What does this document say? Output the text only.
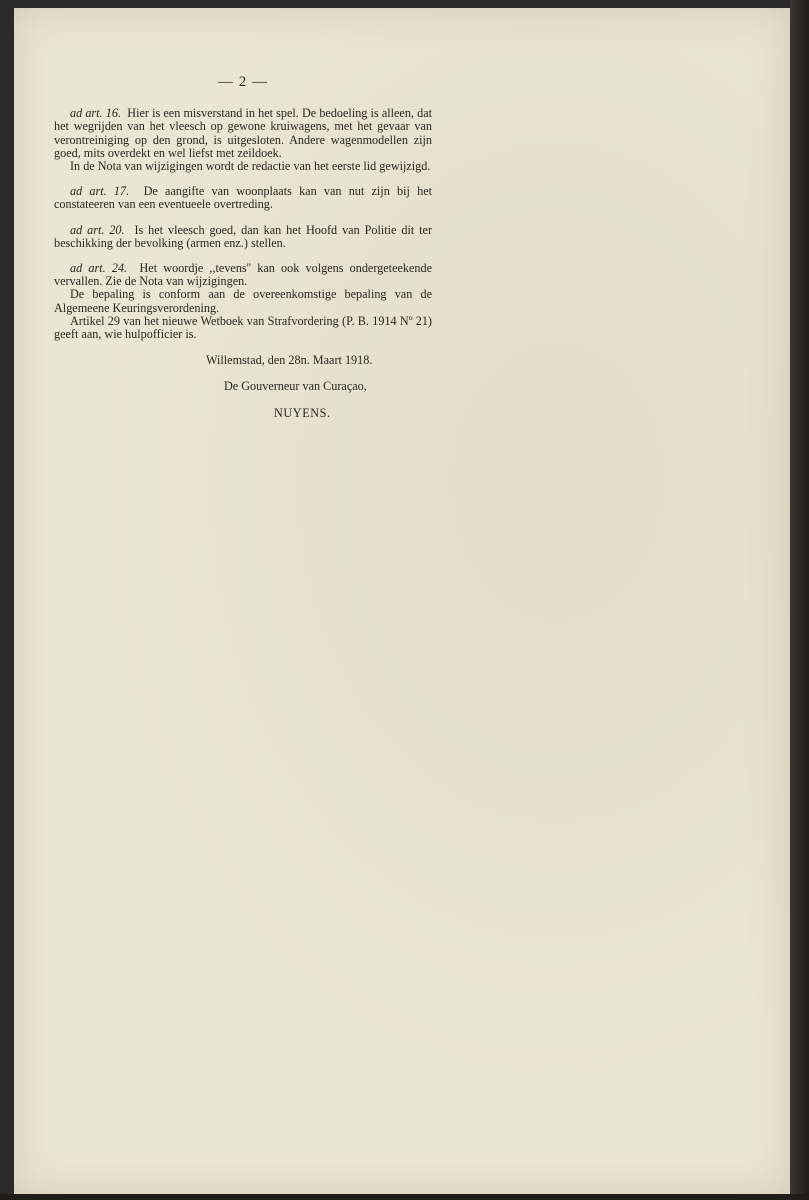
— 2 —

ad art. 16. Hier is een misverstand in het spel. De bedoeling is alleen, dat het wegrijden van het vleesch op gewone kruiwagens, met het gevaar van verontreiniging op den grond, is uitgesloten. Andere wagenmodellen zijn goed, mits overdekt en wel liefst met zeildoek.

In de Nota van wijzigingen wordt de redactie van het eerste lid gewijzigd.

ad art. 17. De aangifte van woonplaats kan van nut zijn bij het constateeren van een eventueele overtreding.

ad art. 20. Is het vleesch goed, dan kan het Hoofd van Politie dit ter beschikking der bevolking (armen enz.) stellen.

ad art. 24. Het woordje ,,tevens'' kan ook volgens ondergeteekende vervallen. Zie de Nota van wijzigingen.

De bepaling is conform aan de overeenkomstige bepaling van de Algemeene Keuringsverordening.

Artikel 29 van het nieuwe Wetboek van Strafvordering (P. B. 1914 Nº 21) geeft aan, wie hulpofficier is.

Willemstad, den 28n. Maart 1918.

De Gouverneur van Curaçao,

NUYENS.
